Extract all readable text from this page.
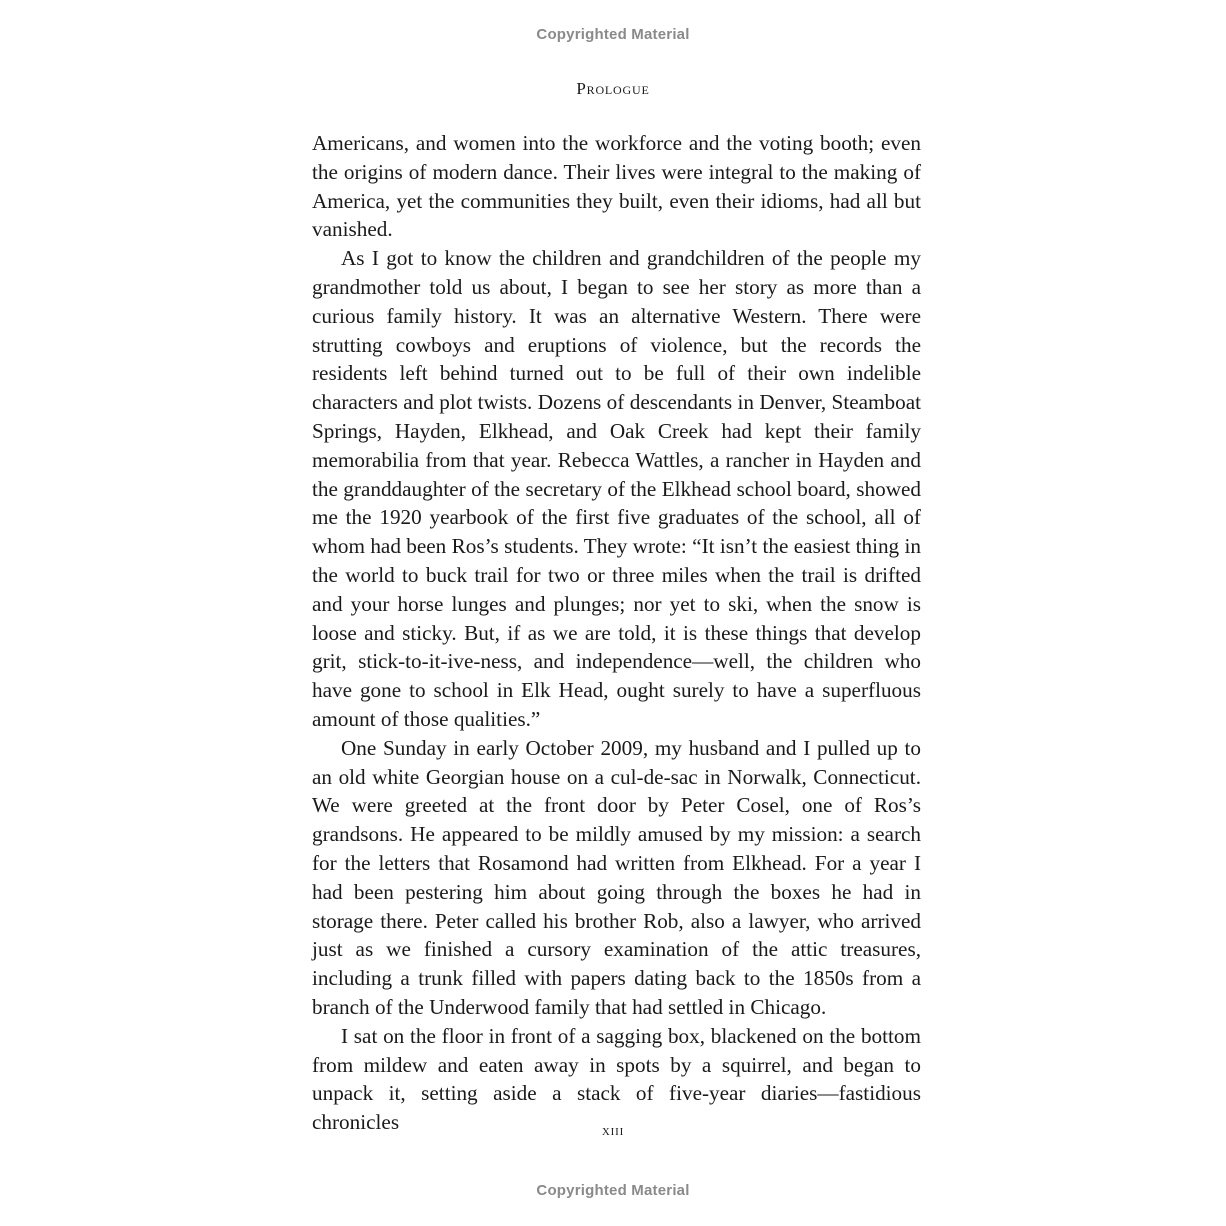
Copyrighted Material
Prologue

Americans, and women into the workforce and the voting booth; even the origins of modern dance. Their lives were integral to the making of America, yet the communities they built, even their idioms, had all but vanished.

As I got to know the children and grandchildren of the people my grandmother told us about, I began to see her story as more than a curious family history. It was an alternative Western. There were strutting cowboys and eruptions of violence, but the records the residents left behind turned out to be full of their own indelible characters and plot twists. Dozens of descendants in Denver, Steamboat Springs, Hayden, Elkhead, and Oak Creek had kept their family memorabilia from that year. Rebecca Wattles, a rancher in Hayden and the granddaughter of the secretary of the Elkhead school board, showed me the 1920 yearbook of the first five graduates of the school, all of whom had been Ros’s students. They wrote: “It isn’t the easiest thing in the world to buck trail for two or three miles when the trail is drifted and your horse lunges and plunges; nor yet to ski, when the snow is loose and sticky. But, if as we are told, it is these things that develop grit, stick-to-it-ive-ness, and independence—well, the children who have gone to school in Elk Head, ought surely to have a superfluous amount of those qualities.”

One Sunday in early October 2009, my husband and I pulled up to an old white Georgian house on a cul-de-sac in Norwalk, Connecticut. We were greeted at the front door by Peter Cosel, one of Ros’s grandsons. He appeared to be mildly amused by my mission: a search for the letters that Rosamond had written from Elkhead. For a year I had been pestering him about going through the boxes he had in storage there. Peter called his brother Rob, also a lawyer, who arrived just as we finished a cursory examination of the attic treasures, including a trunk filled with papers dating back to the 1850s from a branch of the Underwood family that had settled in Chicago.

I sat on the floor in front of a sagging box, blackened on the bottom from mildew and eaten away in spots by a squirrel, and began to unpack it, setting aside a stack of five-year diaries—fastidious chronicles	xiii
Copyrighted Material
